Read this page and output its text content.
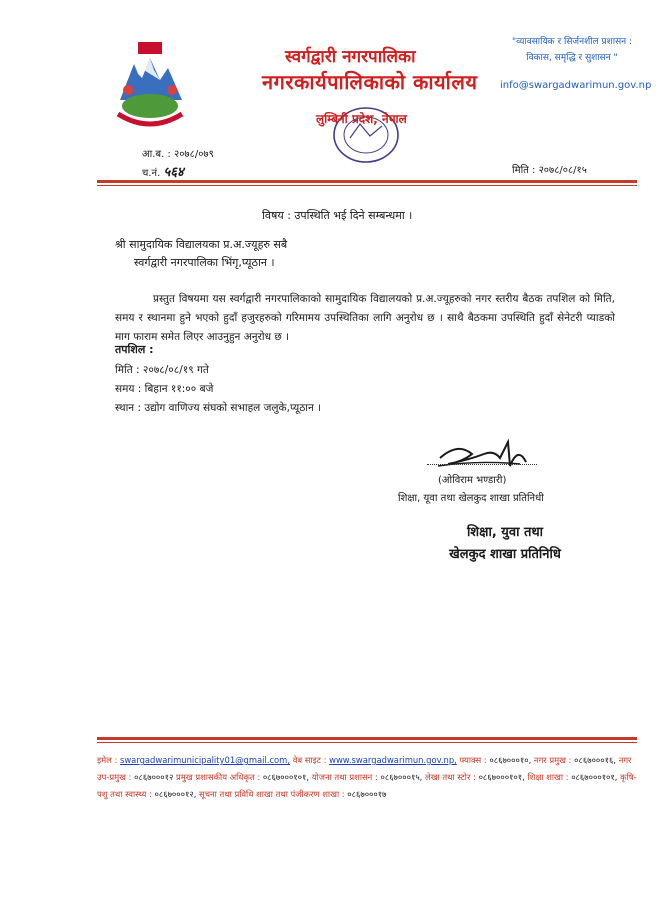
स्वर्गद्वारी नगरपालिका
नगरकार्यपालिकाको कार्यालय
लुम्बिनी प्रदेश, नेपाल
"व्यावसायिक र सिर्जनशील प्रशासन :
विकास, समृद्धि र सुशासन "
info@swargadwarimun.gov.np
आ.ब. : २०७८/०७९
च.नं. ५६४	मिति : २०७८/०८/१५
विषय : उपस्थिति भई दिने सम्बन्धमा ।
श्री सामुदायिक विद्यालयका प्र.अ.ज्यूहरु सबै
स्वर्गद्वारी नगरपालिका भिंगृ,प्यूठान ।
प्रस्तुत विषयमा यस स्वर्गद्वारी नगरपालिकाको सामुदायिक विद्यालयको प्र.अ.ज्यूहरुको नगर स्तरीय बैठक तपशिल को मिति, समय र स्थानमा हुने भएको हुदाँ हजुरहरुको गरिमामय उपस्थितिका लागि अनुरोध छ । साथै बैठकमा उपस्थिति हुदाँ सेनेटरी प्याडको माग फाराम समेत लिएर आउनुहुन अनुरोध छ ।
तपशिल :
मिति : २०७८/०८/१९ गते
समय : बिहान ११:०० बजे
स्थान : उद्योग वाणिज्य संघको सभाहल जलुके,प्यूठान ।
(ओविराम भण्डारी)
शिक्षा, यूवा तथा खेलकुद शाखा प्रतिनिधी
शिक्षा, युवा तथा
खेलकुद शाखा प्रतिनिधि
इमेल : swargadwarimunicipality01@gmail.com, वेब साइट : www.swargadwarimun.gov.np, फ्याक्स : ०८६७०००१०, नगर प्रमुख : ०८६७०००१६, नगर उप-प्रमुख : ०८६७०००१२ प्रमुख प्रशासकीय अधिकृत : ०८६७०००१०१, योजना तथा प्रशासन : ०८६७०००१५, लेखा तथा स्टोर : ०८६७०००१०१, शिक्षा शाखा : ०८६७०००१०१, कृषि-पशु तथा स्वास्थ्य : ०८६७०००१२, सूचना तथा प्रविधि शाखा तथा पंजीकरण शाखा : ०८६७०००१७
